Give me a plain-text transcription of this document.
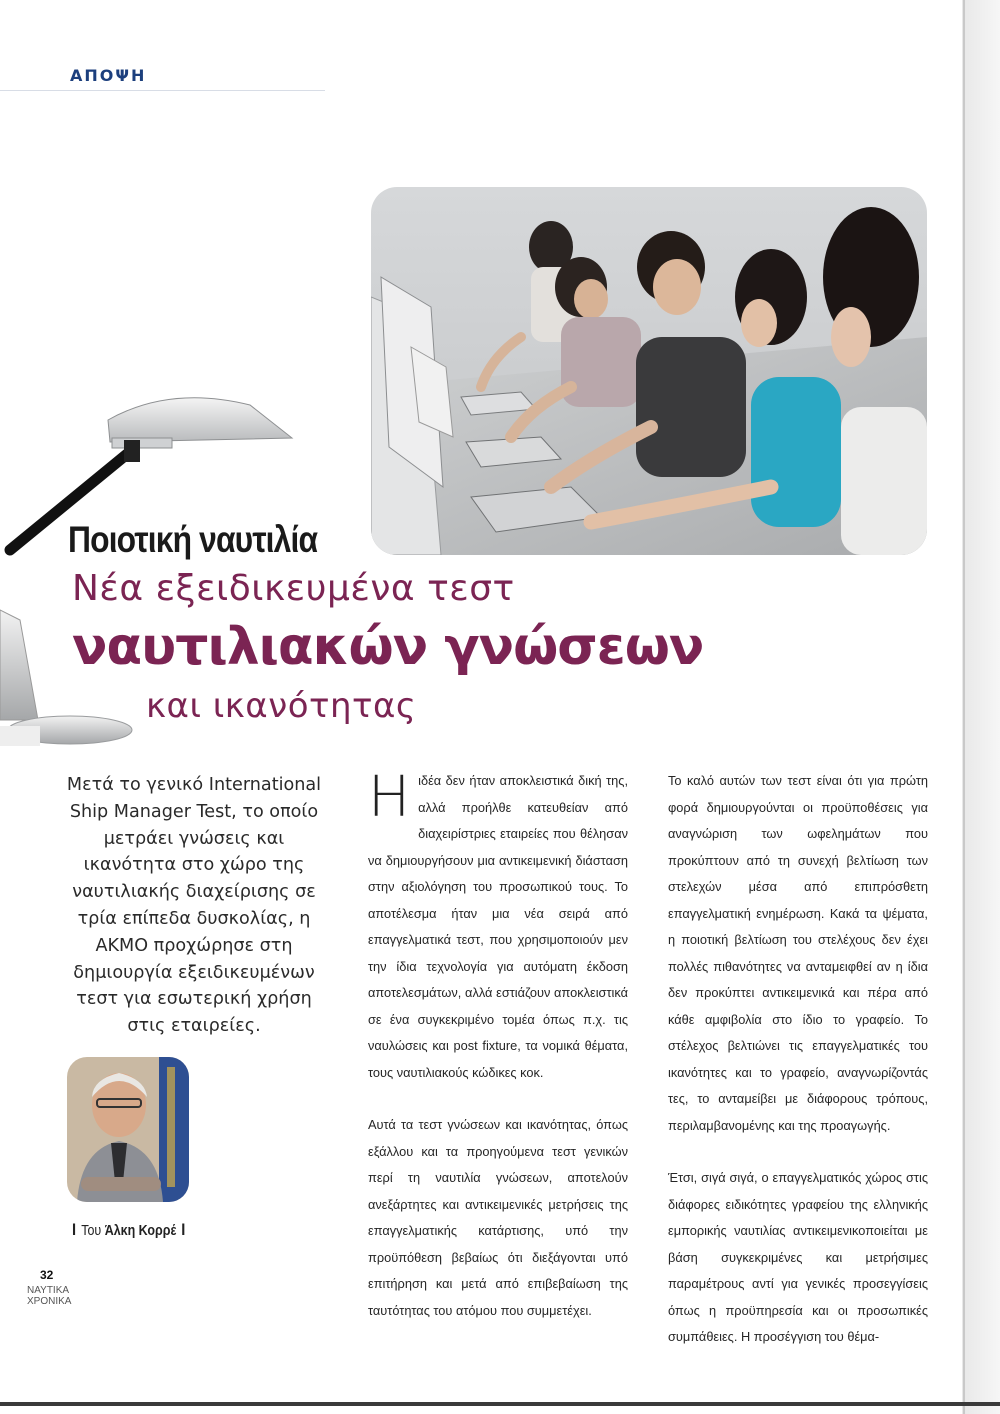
ΑΠΟΨΗ
Ποιοτική ναυτιλία
Νέα εξειδικευμένα τεστ
ναυτιλιακών γνώσεων
και ικανότητας

Μετά το γενικό International Ship Manager Test, το οποίο μετράει γνώσεις και ικανότητα στο χώρο της ναυτιλιακής διαχείρισης σε τρία επίπεδα δυσκολίας, η ΑΚΜΟ προχώρησε στη δημιουργία εξειδικευμένων τεστ για εσωτερική χρήση στις εταιρείες.

I Του Άλκη Κορρέ I
32
ΝΑΥΤΙΚΑ
ΧΡΟΝΙΚΑ

Ηιδέα δεν ήταν αποκλειστικά δική της, αλλά προήλθε κατευθείαν από διαχειρίστριες εταιρείες που θέλησαν να δημιουργήσουν μια αντικειμενική διάσταση στην αξιολόγηση του προσωπικού τους. Το αποτέλεσμα ήταν μια νέα σειρά από επαγγελματικά τεστ, που χρησιμοποιούν μεν την ίδια τεχνολογία για αυτόματη έκδοση αποτελεσμάτων, αλλά εστιάζουν αποκλειστικά σε ένα συγκεκριμένο τομέα όπως π.χ. τις ναυλώσεις και post fixture, τα νομικά θέματα, τους ναυτιλιακούς κώδικες κοκ.

Αυτά τα τεστ γνώσεων και ικανότητας, όπως εξάλλου και τα προηγούμενα τεστ γενικών περί τη ναυτιλία γνώσεων, αποτελούν ανεξάρτητες και αντικειμενικές μετρήσεις της επαγγελματικής κατάρτισης, υπό την προϋπόθεση βεβαίως ότι διεξάγονται υπό επιτήρηση και μετά από επιβεβαίωση της ταυτότητας του ατόμου που συμμετέχει.

Το καλό αυτών των τεστ είναι ότι για πρώτη φορά δημιουργούνται οι προϋποθέσεις για αναγνώριση των ωφελημάτων που προκύπτουν από τη συνεχή βελτίωση των στελεχών μέσα από επιπρόσθετη επαγγελματική ενημέρωση. Κακά τα ψέματα, η ποιοτική βελτίωση του στελέχους δεν έχει πολλές πιθανότητες να ανταμειφθεί αν η ίδια δεν προκύπτει αντικειμενικά και πέρα από κάθε αμφιβολία στο ίδιο το γραφείο. Το στέλεχος βελτιώνει τις επαγγελματικές του ικανότητες και το γραφείο, αναγνωρίζοντάς τες, το ανταμείβει με διάφορους τρόπους, περιλαμβανομένης και της προαγωγής.

Έτσι, σιγά σιγά, ο επαγγελματικός χώρος στις διάφορες ειδικότητες γραφείου της ελληνικής εμπορικής ναυτιλίας αντικειμενικοποιείται με βάση συγκεκριμένες και μετρήσιμες παραμέτρους αντί για γενικές προσεγγίσεις όπως η προϋπηρεσία και οι προσωπικές συμπάθειες. Η προσέγγιση του θέμα-
